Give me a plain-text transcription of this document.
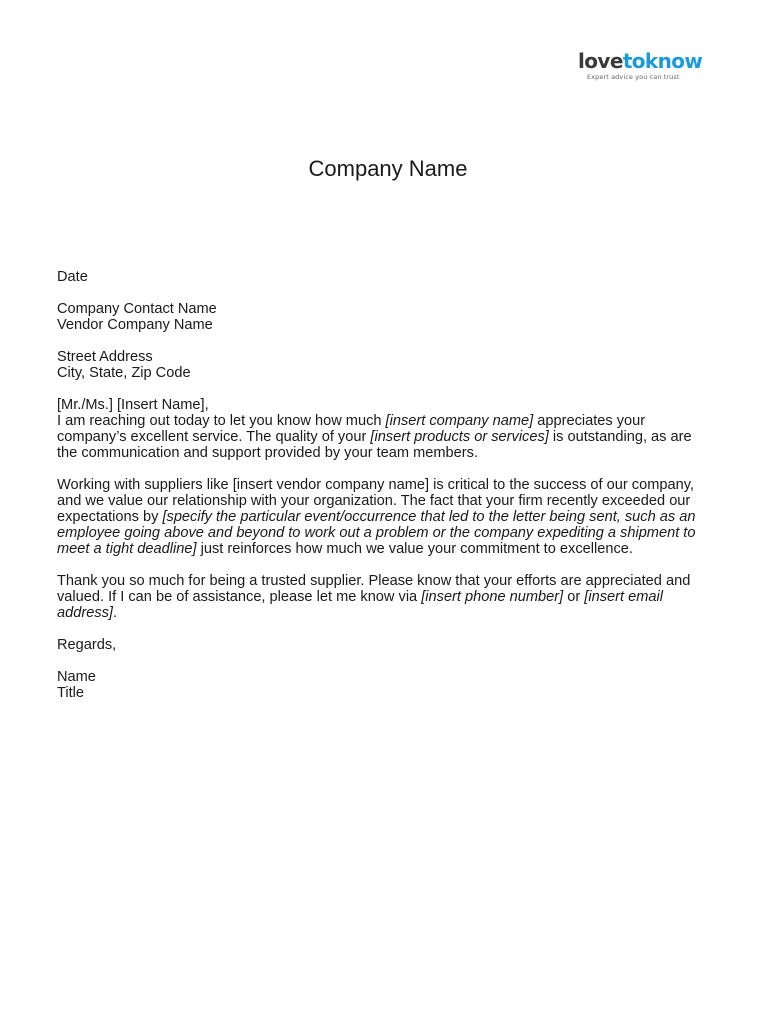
lovetoknow
Expert advice you can trust
Company Name

Date

Company Contact Name
Vendor Company Name

Street Address
City, State, Zip Code

[Mr./Ms.] [Insert Name],
I am reaching out today to let you know how much [insert company name] appreciates your
company’s excellent service. The quality of your [insert products or services] is outstanding, as are
the communication and support provided by your team members.

Working with suppliers like [insert vendor company name] is critical to the success of our company,
and we value our relationship with your organization. The fact that your firm recently exceeded our
expectations by [specify the particular event/occurrence that led to the letter being sent, such as an
employee going above and beyond to work out a problem or the company expediting a shipment to
meet a tight deadline] just reinforces how much we value your commitment to excellence.

Thank you so much for being a trusted supplier. Please know that your efforts are appreciated and
valued. If I can be of assistance, please let me know via [insert phone number] or [insert email
address].

Regards,

Name
Title
